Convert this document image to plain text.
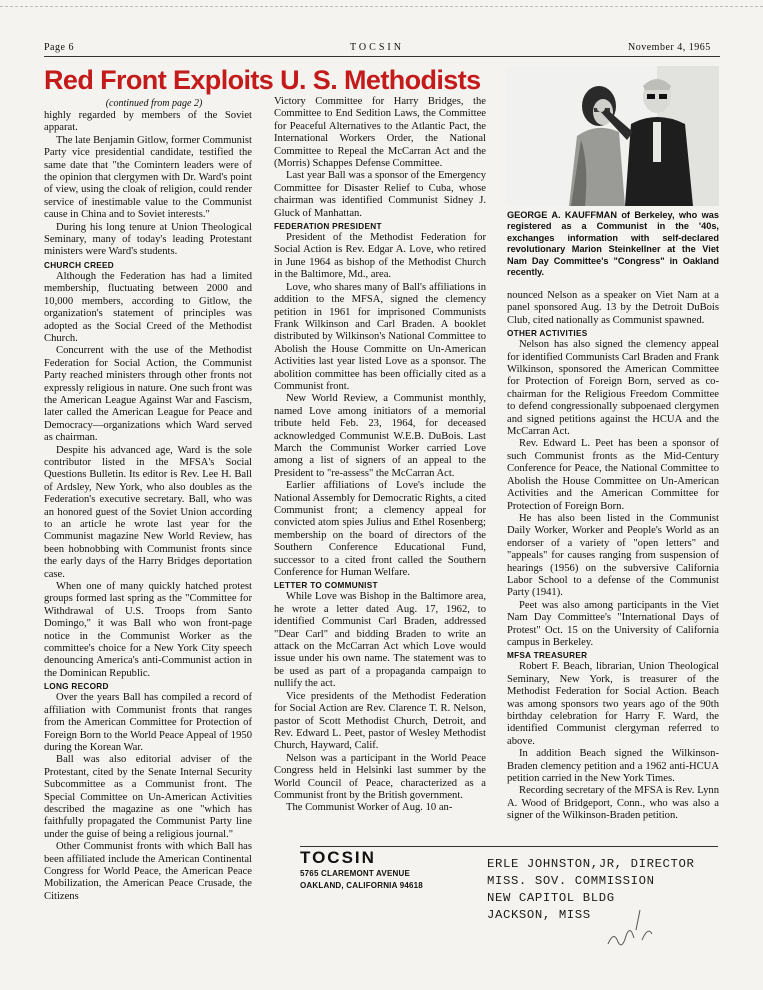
Page 6	TOCSIN	November 4, 1965
Red Front Exploits U. S. Methodists

(continued from page 2)

highly regarded by members of the Soviet apparat.

The late Benjamin Gitlow, former Communist Party vice presidential candidate, testified the same date that "the Comintern leaders were of the opinion that clergymen with Dr. Ward's point of view, using the cloak of religion, could render service of inestimable value to the Communist cause in China and to Soviet interests."

During his long tenure at Union Theological Seminary, many of today's leading Protestant ministers were Ward's students.

CHURCH CREED

Although the Federation has had a limited membership, fluctuating between 2000 and 10,000 members, according to Gitlow, the organization's statement of principles was adopted as the Social Creed of the Methodist Church.

Concurrent with the use of the Methodist Federation for Social Action, the Communist Party reached ministers through other fronts not expressly religious in nature. One such front was the American League Against War and Fascism, later called the American League for Peace and Democracy—organizations which Ward served as chairman.

Despite his advanced age, Ward is the sole contributor listed in the MFSA's Social Questions Bulletin. Its editor is Rev. Lee H. Ball of Ardsley, New York, who also doubles as the Federation's executive secretary. Ball, who was an honored guest of the Soviet Union according to an article he wrote last year for the Communist magazine New World Review, has been hobnobbing with Communist fronts since the early days of the Harry Bridges deportation case.

When one of many quickly hatched protest groups formed last spring as the "Committee for Withdrawal of U.S. Troops from Santo Domingo," it was Ball who won front-page notice in the Communist Worker as the committee's choice for a New York City speech denouncing America's anti-Communist action in the Dominican Republic.

LONG RECORD

Over the years Ball has compiled a record of affiliation with Communist fronts that ranges from the American Committee for Protection of Foreign Born to the World Peace Appeal of 1950 during the Korean War.

Ball was also editorial adviser of the Protestant, cited by the Senate Internal Security Subcommittee as a Communist front. The Special Committee on Un-American Activities described the magazine as one "which has faithfully propagated the Communist Party line under the guise of being a religious journal."

Other Communist fronts with which Ball has been affiliated include the American Continental Congress for World Peace, the American Peace Mobilization, the American Peace Crusade, the Citizens

Victory Committee for Harry Bridges, the Committee to End Sedition Laws, the Committee for Peaceful Alternatives to the Atlantic Pact, the International Workers Order, the National Committee to Repeal the McCarran Act and the (Morris) Schappes Defense Committee.

Last year Ball was a sponsor of the Emergency Committee for Disaster Relief to Cuba, whose chairman was identified Communist Sidney J. Gluck of Manhattan.

FEDERATION PRESIDENT

President of the Methodist Federation for Social Action is Rev. Edgar A. Love, who retired in June 1964 as bishop of the Methodist Church in the Baltimore, Md., area.

Love, who shares many of Ball's affiliations in addition to the MFSA, signed the clemency petition in 1961 for imprisoned Communists Frank Wilkinson and Carl Braden. A booklet distributed by Wilkinson's National Committee to Abolish the House Committe on Un-American Activities last year listed Love as a sponsor. The abolition committee has been officially cited as a Communist front.

New World Review, a Communist monthly, named Love among initiators of a memorial tribute held Feb. 23, 1964, for deceased acknowledged Communist W.E.B. DuBois. Last March the Communist Worker carried Love among a list of signers of an appeal to the President to "re-assess" the McCarran Act.

Earlier affiliations of Love's include the National Assembly for Democratic Rights, a cited Communist front; a clemency appeal for convicted atom spies Julius and Ethel Rosenberg; membership on the board of directors of the Southern Conference Educational Fund, successor to a cited front called the Southern Conference for Human Welfare.

LETTER TO COMMUNIST

While Love was Bishop in the Baltimore area, he wrote a letter dated Aug. 17, 1962, to identified Communist Carl Braden, addressed "Dear Carl" and bidding Braden to write an attack on the McCarran Act which Love would issue under his own name. The statement was to be used as part of a propaganda campaign to nullify the act.

Vice presidents of the Methodist Federation for Social Action are Rev. Clarence T. R. Nelson, pastor of Scott Methodist Church, Detroit, and Rev. Edward L. Peet, pastor of Wesley Methodist Church, Hayward, Calif.

Nelson was a participant in the World Peace Congress held in Helsinki last summer by the World Council of Peace, characterized as a Communist front by the British government.

The Communist Worker of Aug. 10 an-

GEORGE A. KAUFFMAN of Berkeley, who was registered as a Communist in the '40s, exchanges information with self-declared revolutionary Marion Steinkellner at the Viet Nam Day Committee's "Congress" in Oakland recently.

nounced Nelson as a speaker on Viet Nam at a panel sponsored Aug. 13 by the Detroit DuBois Club, cited nationally as Communist spawned.

OTHER ACTIVITIES

Nelson has also signed the clemency appeal for identified Communists Carl Braden and Frank Wilkinson, sponsored the American Committee for Protection of Foreign Born, served as co-chairman for the Religious Freedom Committee to defend congressionally subpoenaed clergymen and signed petitions against the HCUA and the McCarran Act.

Rev. Edward L. Peet has been a sponsor of such Communist fronts as the Mid-Century Conference for Peace, the National Committee to Abolish the House Committee on Un-American Activities and the American Committee for Protection of Foreign Born.

He has also been listed in the Communist Daily Worker, Worker and People's World as an endorser of a variety of "open letters" and "appeals" for causes ranging from suspension of hearings (1956) on the subversive California Labor School to a defense of the Communist Party (1941).

Peet was also among participants in the Viet Nam Day Committee's "International Days of Protest" Oct. 15 on the University of California campus in Berkeley.

MFSA TREASURER

Robert F. Beach, librarian, Union Theological Seminary, New York, is treasurer of the Methodist Federation for Social Action. Beach was among sponsors two years ago of the 90th birthday celebration for Harry F. Ward, the identified Communist clergyman referred to above.

In addition Beach signed the Wilkinson-Braden clemency petition and a 1962 anti-HCUA petition carried in the New York Times.

Recording secretary of the MFSA is Rev. Lynn A. Wood of Bridgeport, Conn., who was also a signer of the Wilkinson-Braden petition.

TOCSIN
5765 CLAREMONT AVENUE
OAKLAND, CALIFORNIA 94618
ERLE JOHNSTON,JR, DIRECTOR
MISS. SOV. COMMISSION
NEW CAPITOL BLDG
JACKSON, MISS
